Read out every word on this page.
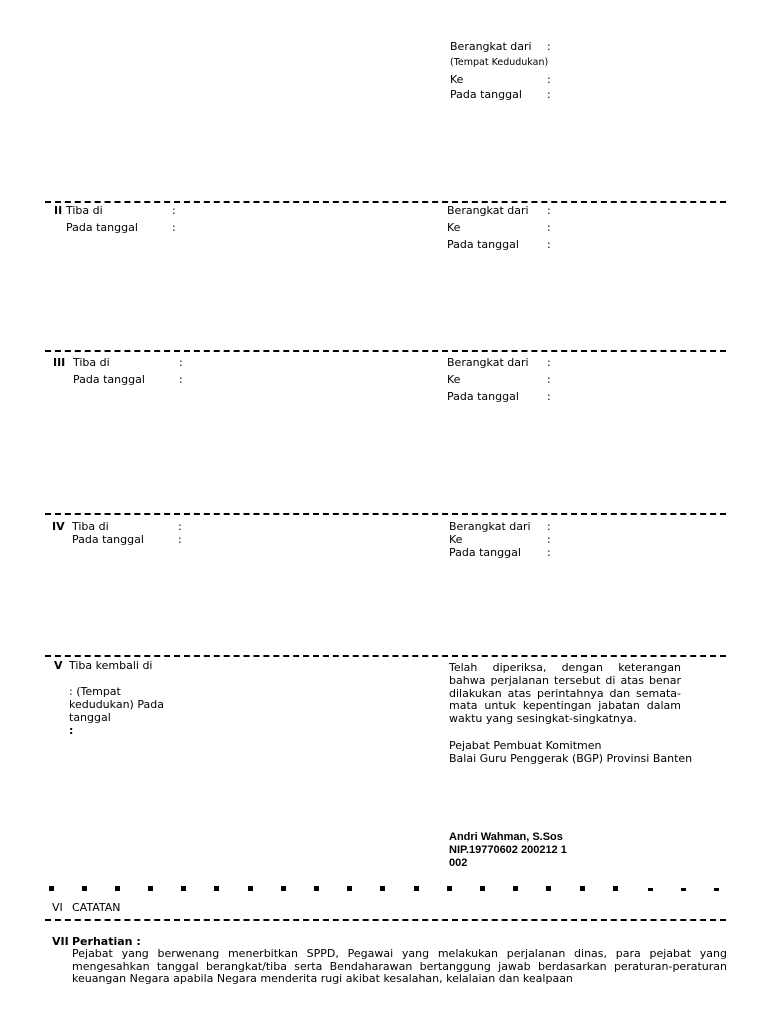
Berangkat dari :
(Tempat Kedudukan)
Ke	:
Pada tanggal :
II Tiba di	:
Pada tanggal	:
Berangkat dari :
Ke	:
Pada tanggal	:
III Tiba di	:
Pada tanggal	:
Berangkat dari :
Ke	:
Pada tanggal	:
IV Tiba di	:
Pada tanggal	:
Berangkat dari :
Ke	:
Pada tanggal :
V Tiba kembali di
: (Tempat
kedudukan) Pada
tanggal
:
Telah diperiksa, dengan keterangan
bahwa perjalanan tersebut di atas benar
dilakukan atas perintahnya dan semata-
mata untuk kepentingan jabatan dalam
waktu yang sesingkat-singkatnya.
Pejabat Pembuat Komitmen
Balai Guru Penggerak (BGP) Provinsi Banten
Andri Wahman, S.Sos
NIP.19770602 200212 1
002
VI CATATAN
VII Perhatian :
Pejabat yang berwenang menerbitkan SPPD, Pegawai yang melakukan perjalanan dinas, para pejabat yang
mengesahkan tanggal berangkat/tiba serta Bendaharawan bertanggung jawab berdasarkan peraturan-peraturan
keuangan Negara apabila Negara menderita rugi akibat kesalahan, kelalaian dan kealpaan
